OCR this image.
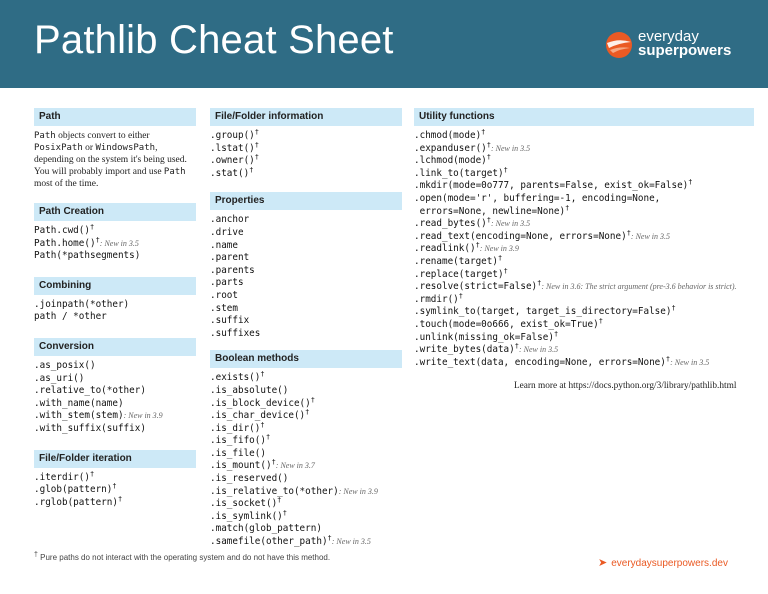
Pathlib Cheat Sheet	everyday
superpowers
Path
Path objects convert to either
PosixPath or WindowsPath,
depending on the system it's being used.
You will probably import and use Path
most of the time.
Path Creation
Path.cwd()†
Path.home()†: New in 3.5
Path(*pathsegments)
Combining
.joinpath(*other)
path / *other
Conversion
.as_posix()
.as_uri()
.relative_to(*other)
.with_name(name)
.with_stem(stem): New in 3.9
.with_suffix(suffix)
File/Folder iteration
.iterdir()†
.glob(pattern)†
.rglob(pattern)†
File/Folder information
.group()†
.lstat()†
.owner()†
.stat()†
Properties
.anchor
.drive
.name
.parent
.parents
.parts
.root
.stem
.suffix
.suffixes
Boolean methods
.exists()†
.is_absolute()
.is_block_device()†
.is_char_device()†
.is_dir()†
.is_fifo()†
.is_file()
.is_mount()†: New in 3.7
.is_reserved()
.is_relative_to(*other): New in 3.9
.is_socket()†
.is_symlink()†
.match(glob_pattern)
.samefile(other_path)†: New in 3.5
Utility functions
.chmod(mode)†
.expanduser()†: New in 3.5
.lchmod(mode)†
.link_to(target)†
.mkdir(mode=0o777, parents=False, exist_ok=False)†
.open(mode='r', buffering=-1, encoding=None,
errors=None, newline=None)†
.read_bytes()†: New in 3.5
.read_text(encoding=None, errors=None)†: New in 3.5
.readlink()†: New in 3.9
.rename(target)†
.replace(target)†
.resolve(strict=False)†: New in 3.6: The strict argument (pre-3.6 behavior is strict).
.rmdir()†
.symlink_to(target, target_is_directory=False)†
.touch(mode=0o666, exist_ok=True)†
.unlink(missing_ok=False)†
.write_bytes(data)†: New in 3.5
.write_text(data, encoding=None, errors=None)†: New in 3.5
Learn more at https://docs.python.org/3/library/pathlib.html
† Pure paths do not interact with the operating system and do not have this method.	➤ everydaysuperpowers.dev
